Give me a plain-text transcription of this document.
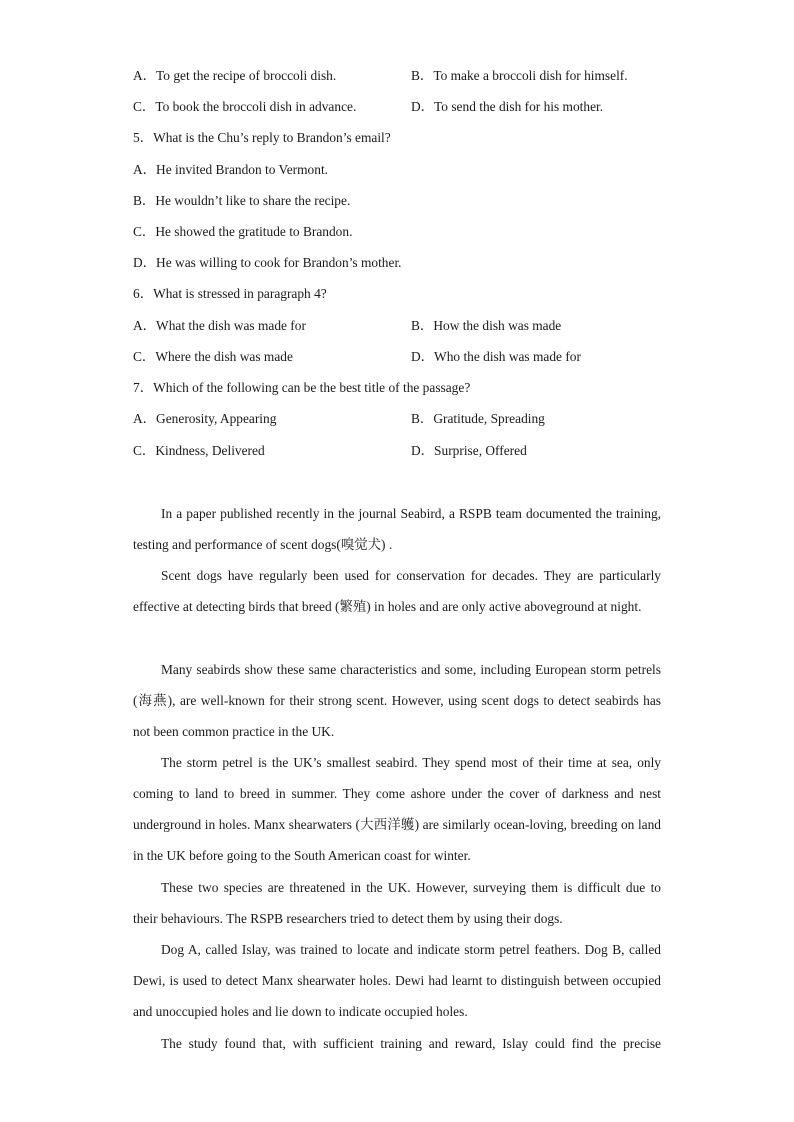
A．To get the recipe of broccoli dish.	B．To make a broccoli dish for himself.
C．To book the broccoli dish in advance.	D．To send the dish for his mother.
5．What is the Chu’s reply to Brandon’s email?
A．He invited Brandon to Vermont.
B．He wouldn’t like to share the recipe.
C．He showed the gratitude to Brandon.
D．He was willing to cook for Brandon’s mother.
6．What is stressed in paragraph 4?
A．What the dish was made for	B．How the dish was made
C．Where the dish was made	D．Who the dish was made for
7．Which of the following can be the best title of the passage?
A．Generosity, Appearing	B．Gratitude, Spreading
C．Kindness, Delivered	D．Surprise, Offered

In a paper published recently in the journal Seabird, a RSPB team documented the training, testing and performance of scent dogs(嗅觉犬) .

Scent dogs have regularly been used for conservation for decades. They are particularly effective at detecting birds that breed (繁殖) in holes and are only active aboveground at night.

Many seabirds show these same characteristics and some, including European storm petrels (海燕), are well-known for their strong scent. However, using scent dogs to detect seabirds has not been common practice in the UK.

The storm petrel is the UK’s smallest seabird. They spend most of their time at sea, only coming to land to breed in summer. They come ashore under the cover of darkness and nest underground in holes. Manx shearwaters (大西洋鹱) are similarly ocean-loving, breeding on land in the UK before going to the South American coast for winter.

These two species are threatened in the UK. However, surveying them is difficult due to their behaviours. The RSPB researchers tried to detect them by using their dogs.

Dog A, called Islay, was trained to locate and indicate storm petrel feathers. Dog B, called Dewi, is used to detect Manx shearwater holes. Dewi had learnt to distinguish between occupied and unoccupied holes and lie down to indicate occupied holes.

The study found that, with sufficient training and reward, Islay could find the precise
